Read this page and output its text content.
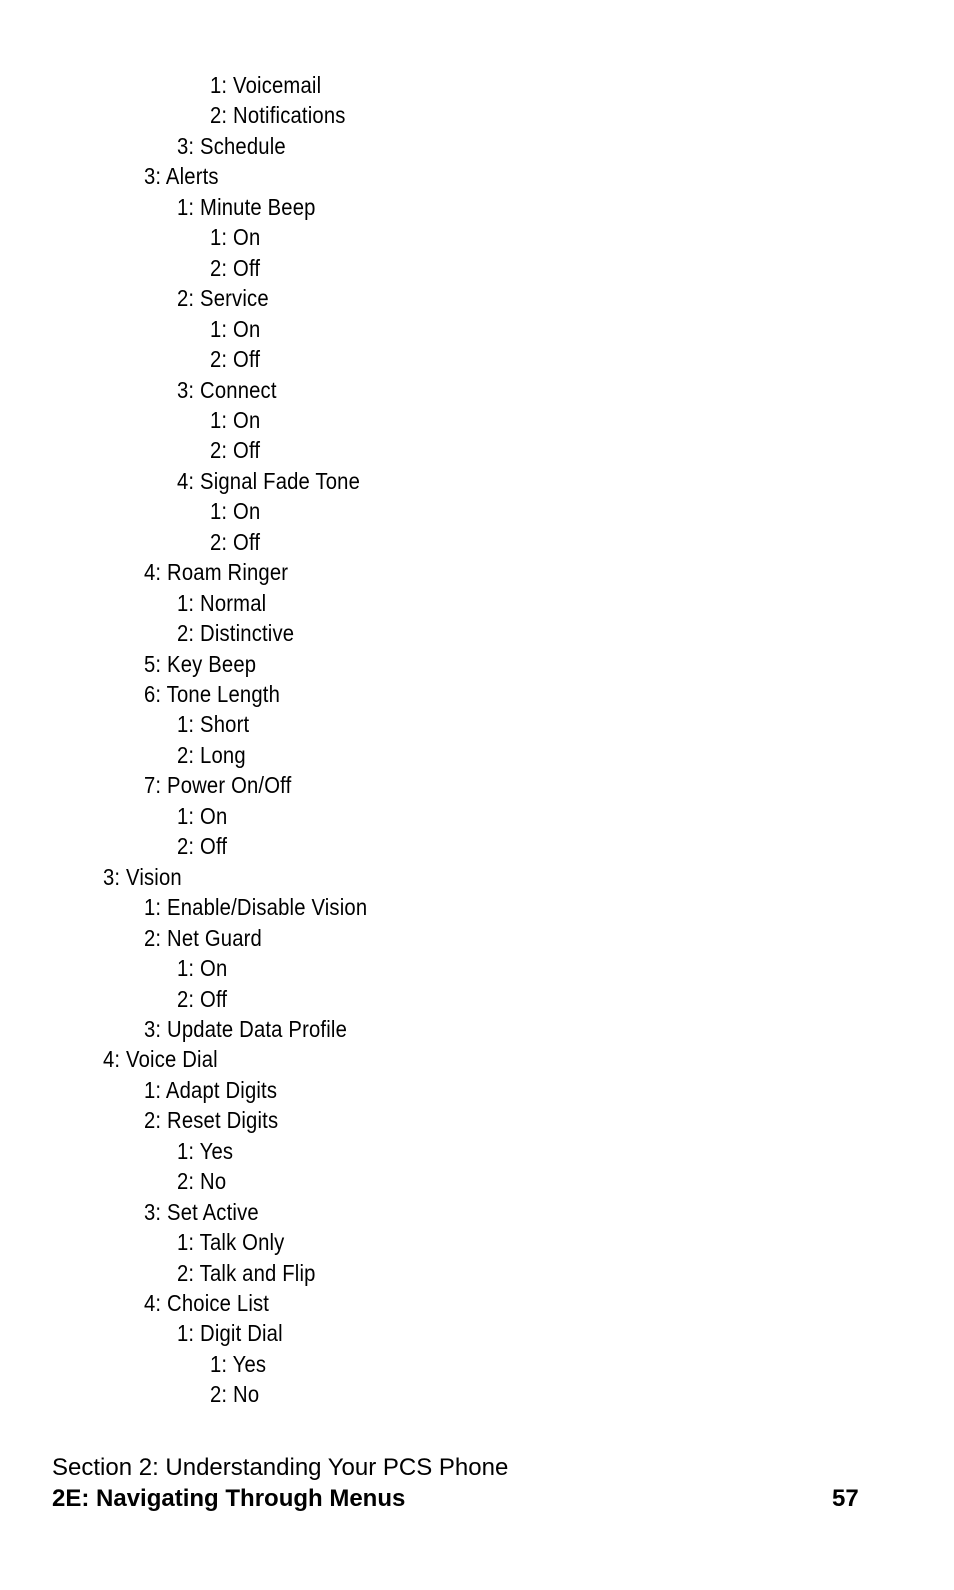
1: Voicemail
2: Notifications
3: Schedule
3: Alerts
1: Minute Beep
1: On
2: Off
2: Service
1: On
2: Off
3: Connect
1: On
2: Off
4: Signal Fade Tone
1: On
2: Off
4: Roam Ringer
1: Normal
2: Distinctive
5: Key Beep
6: Tone Length
1: Short
2: Long
7: Power On/Off
1: On
2: Off
3: Vision
1: Enable/Disable Vision
2: Net Guard
1: On
2: Off
3: Update Data Profile
4: Voice Dial
1: Adapt Digits
2: Reset Digits
1: Yes
2: No
3: Set Active
1: Talk Only
2: Talk and Flip
4: Choice List
1: Digit Dial
1: Yes
2: No
Section 2: Understanding Your PCS Phone
2E: Navigating Through Menus	57
